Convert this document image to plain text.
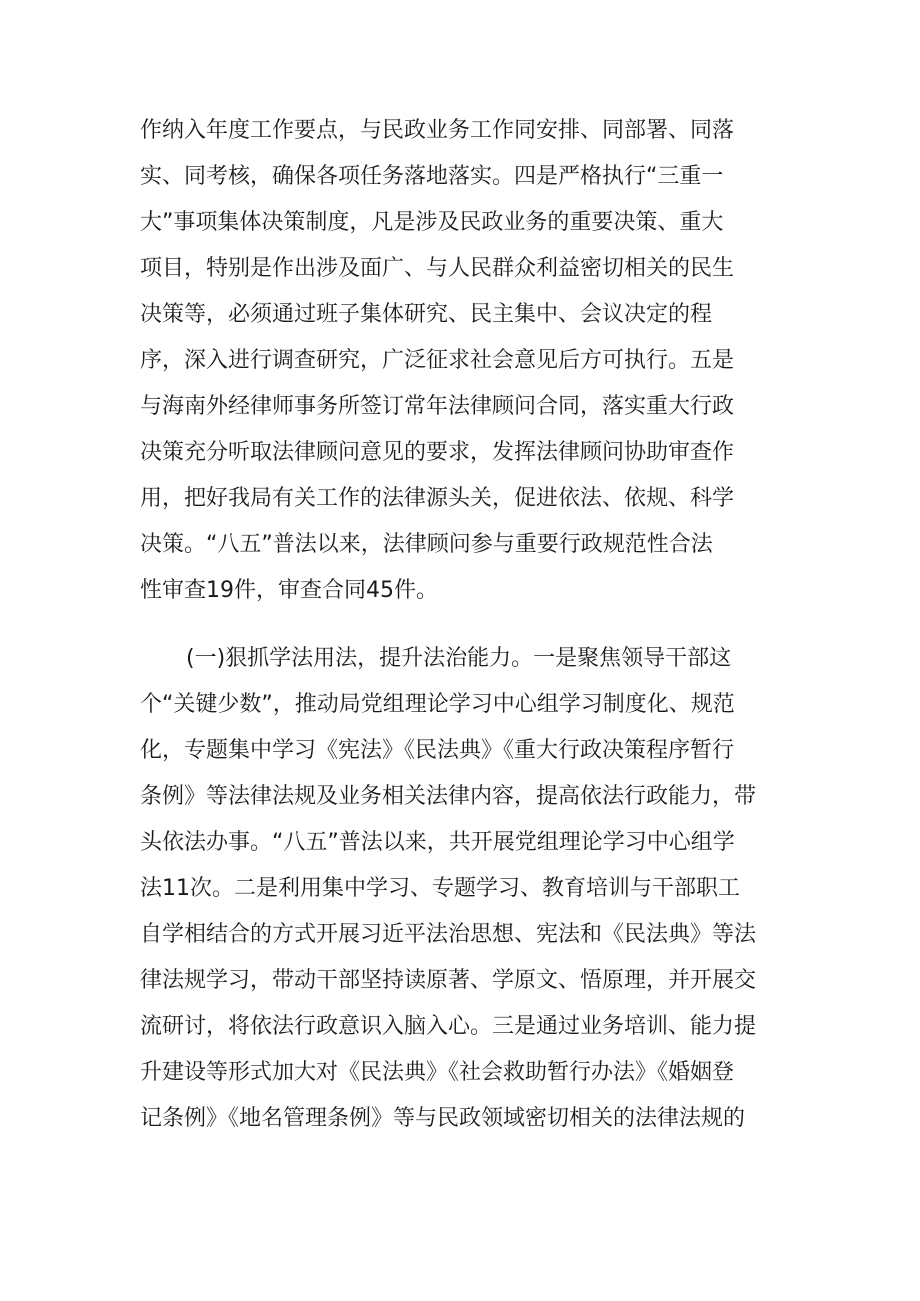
作纳入年度工作要点，与民政业务工作同安排、同部署、同落

实、同考核，确保各项任务落地落实。四是严格执行“三重一

大”事项集体决策制度，凡是涉及民政业务的重要决策、重大

项目，特别是作出涉及面广、与人民群众利益密切相关的民生

决策等，必须通过班子集体研究、民主集中、会议决定的程

序，深入进行调查研究，广泛征求社会意见后方可执行。五是

与海南外经律师事务所签订常年法律顾问合同，落实重大行政

决策充分听取法律顾问意见的要求，发挥法律顾问协助审查作

用，把好我局有关工作的法律源头关，促进依法、依规、科学

决策。“八五”普法以来，法律顾问参与重要行政规范性合法

性审查19件，审查合同45件。

(一)狠抓学法用法，提升法治能力。一是聚焦领导干部这

个“关键少数”，推动局党组理论学习中心组学习制度化、规范

化，专题集中学习《宪法》《民法典》《重大行政决策程序暂行

条例》等法律法规及业务相关法律内容，提高依法行政能力，带

头依法办事。“八五”普法以来，共开展党组理论学习中心组学

法11次。二是利用集中学习、专题学习、教育培训与干部职工

自学相结合的方式开展习近平法治思想、宪法和《民法典》等法

律法规学习，带动干部坚持读原著、学原文、悟原理，并开展交

流研讨，将依法行政意识入脑入心。三是通过业务培训、能力提

升建设等形式加大对《民法典》《社会救助暂行办法》《婚姻登

记条例》《地名管理条例》等与民政领域密切相关的法律法规的
